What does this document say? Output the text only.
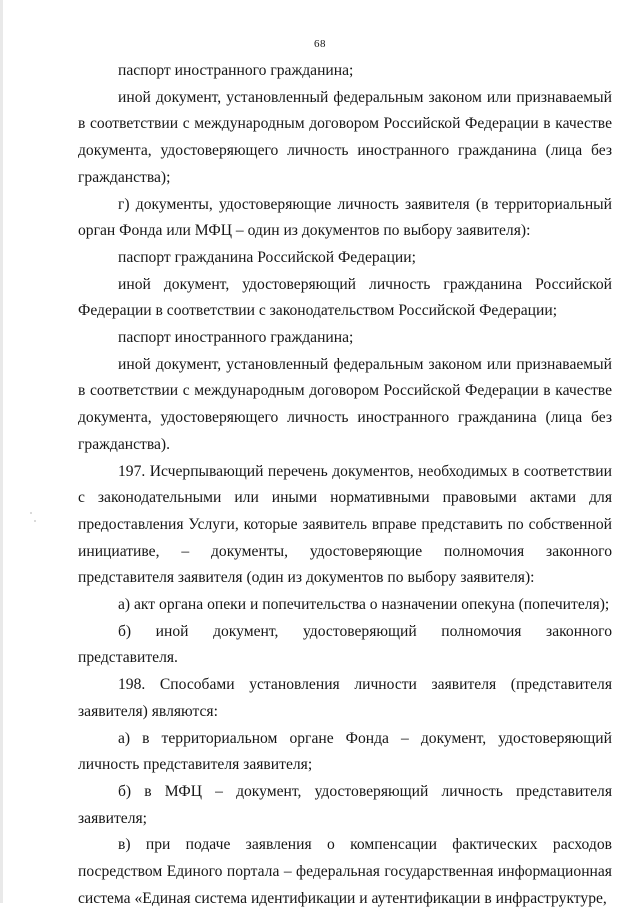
68

паспорт иностранного гражданина;

иной документ, установленный федеральным законом или признаваемый в соответствии с международным договором Российской Федерации в качестве документа, удостоверяющего личность иностранного гражданина (лица без гражданства);

г) документы, удостоверяющие личность заявителя (в территориальный орган Фонда или МФЦ – один из документов по выбору заявителя):

паспорт гражданина Российской Федерации;

иной документ, удостоверяющий личность гражданина Российской Федерации в соответствии с законодательством Российской Федерации;

паспорт иностранного гражданина;

иной документ, установленный федеральным законом или признаваемый в соответствии с международным договором Российской Федерации в качестве документа, удостоверяющего личность иностранного гражданина (лица без гражданства).

197. Исчерпывающий перечень документов, необходимых в соответствии с законодательными или иными нормативными правовыми актами для предоставления Услуги, которые заявитель вправе представить по собственной инициативе, – документы, удостоверяющие полномочия законного представителя заявителя (один из документов по выбору заявителя):

а) акт органа опеки и попечительства о назначении опекуна (попечителя);

б) иной документ, удостоверяющий полномочия законного представителя.

198. Способами установления личности заявителя (представителя заявителя) являются:

а) в территориальном органе Фонда – документ, удостоверяющий личность представителя заявителя;

б) в МФЦ – документ, удостоверяющий личность представителя заявителя;

в) при подаче заявления о компенсации фактических расходов посредством Единого портала – федеральная государственная информационная система «Единая система идентификации и аутентификации в инфраструктуре,
